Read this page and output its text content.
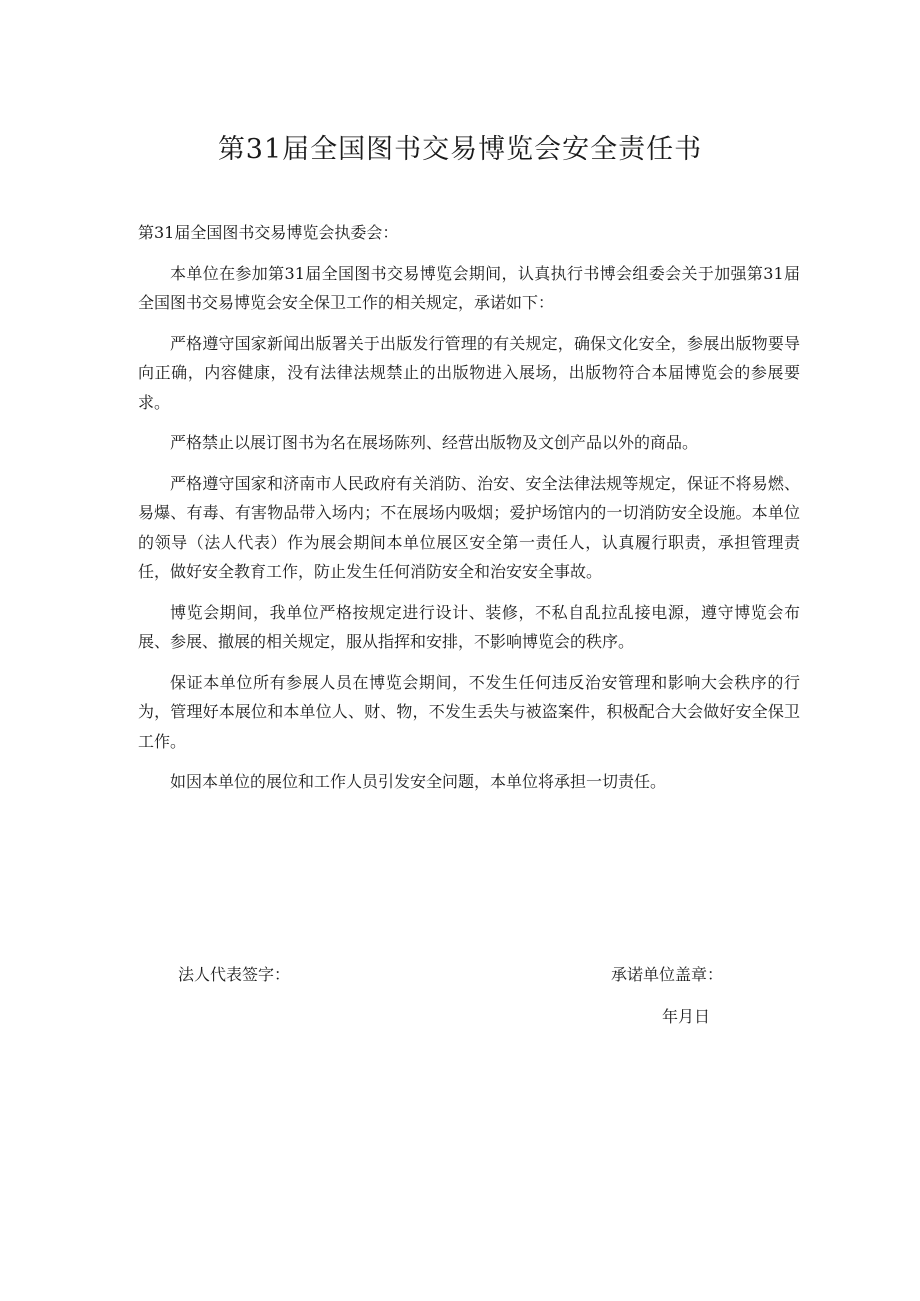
第31届全国图书交易博览会安全责任书

第31届全国图书交易博览会执委会：

本单位在参加第31届全国图书交易博览会期间，认真执行书博会组委会关于加强第31届全国图书交易博览会安全保卫工作的相关规定，承诺如下：

严格遵守国家新闻出版署关于出版发行管理的有关规定，确保文化安全，参展出版物要导向正确，内容健康，没有法律法规禁止的出版物进入展场，出版物符合本届博览会的参展要求。

严格禁止以展订图书为名在展场陈列、经营出版物及文创产品以外的商品。

严格遵守国家和济南市人民政府有关消防、治安、安全法律法规等规定，保证不将易燃、易爆、有毒、有害物品带入场内；不在展场内吸烟；爱护场馆内的一切消防安全设施。本单位的领导（法人代表）作为展会期间本单位展区安全第一责任人，认真履行职责，承担管理责任，做好安全教育工作，防止发生任何消防安全和治安安全事故。

博览会期间，我单位严格按规定进行设计、装修，不私自乱拉乱接电源，遵守博览会布展、参展、撤展的相关规定，服从指挥和安排，不影响博览会的秩序。

保证本单位所有参展人员在博览会期间，不发生任何违反治安管理和影响大会秩序的行为，管理好本展位和本单位人、财、物，不发生丢失与被盗案件，积极配合大会做好安全保卫工作。

如因本单位的展位和工作人员引发安全问题，本单位将承担一切责任。

法人代表签字：	承诺单位盖章：
年月日
